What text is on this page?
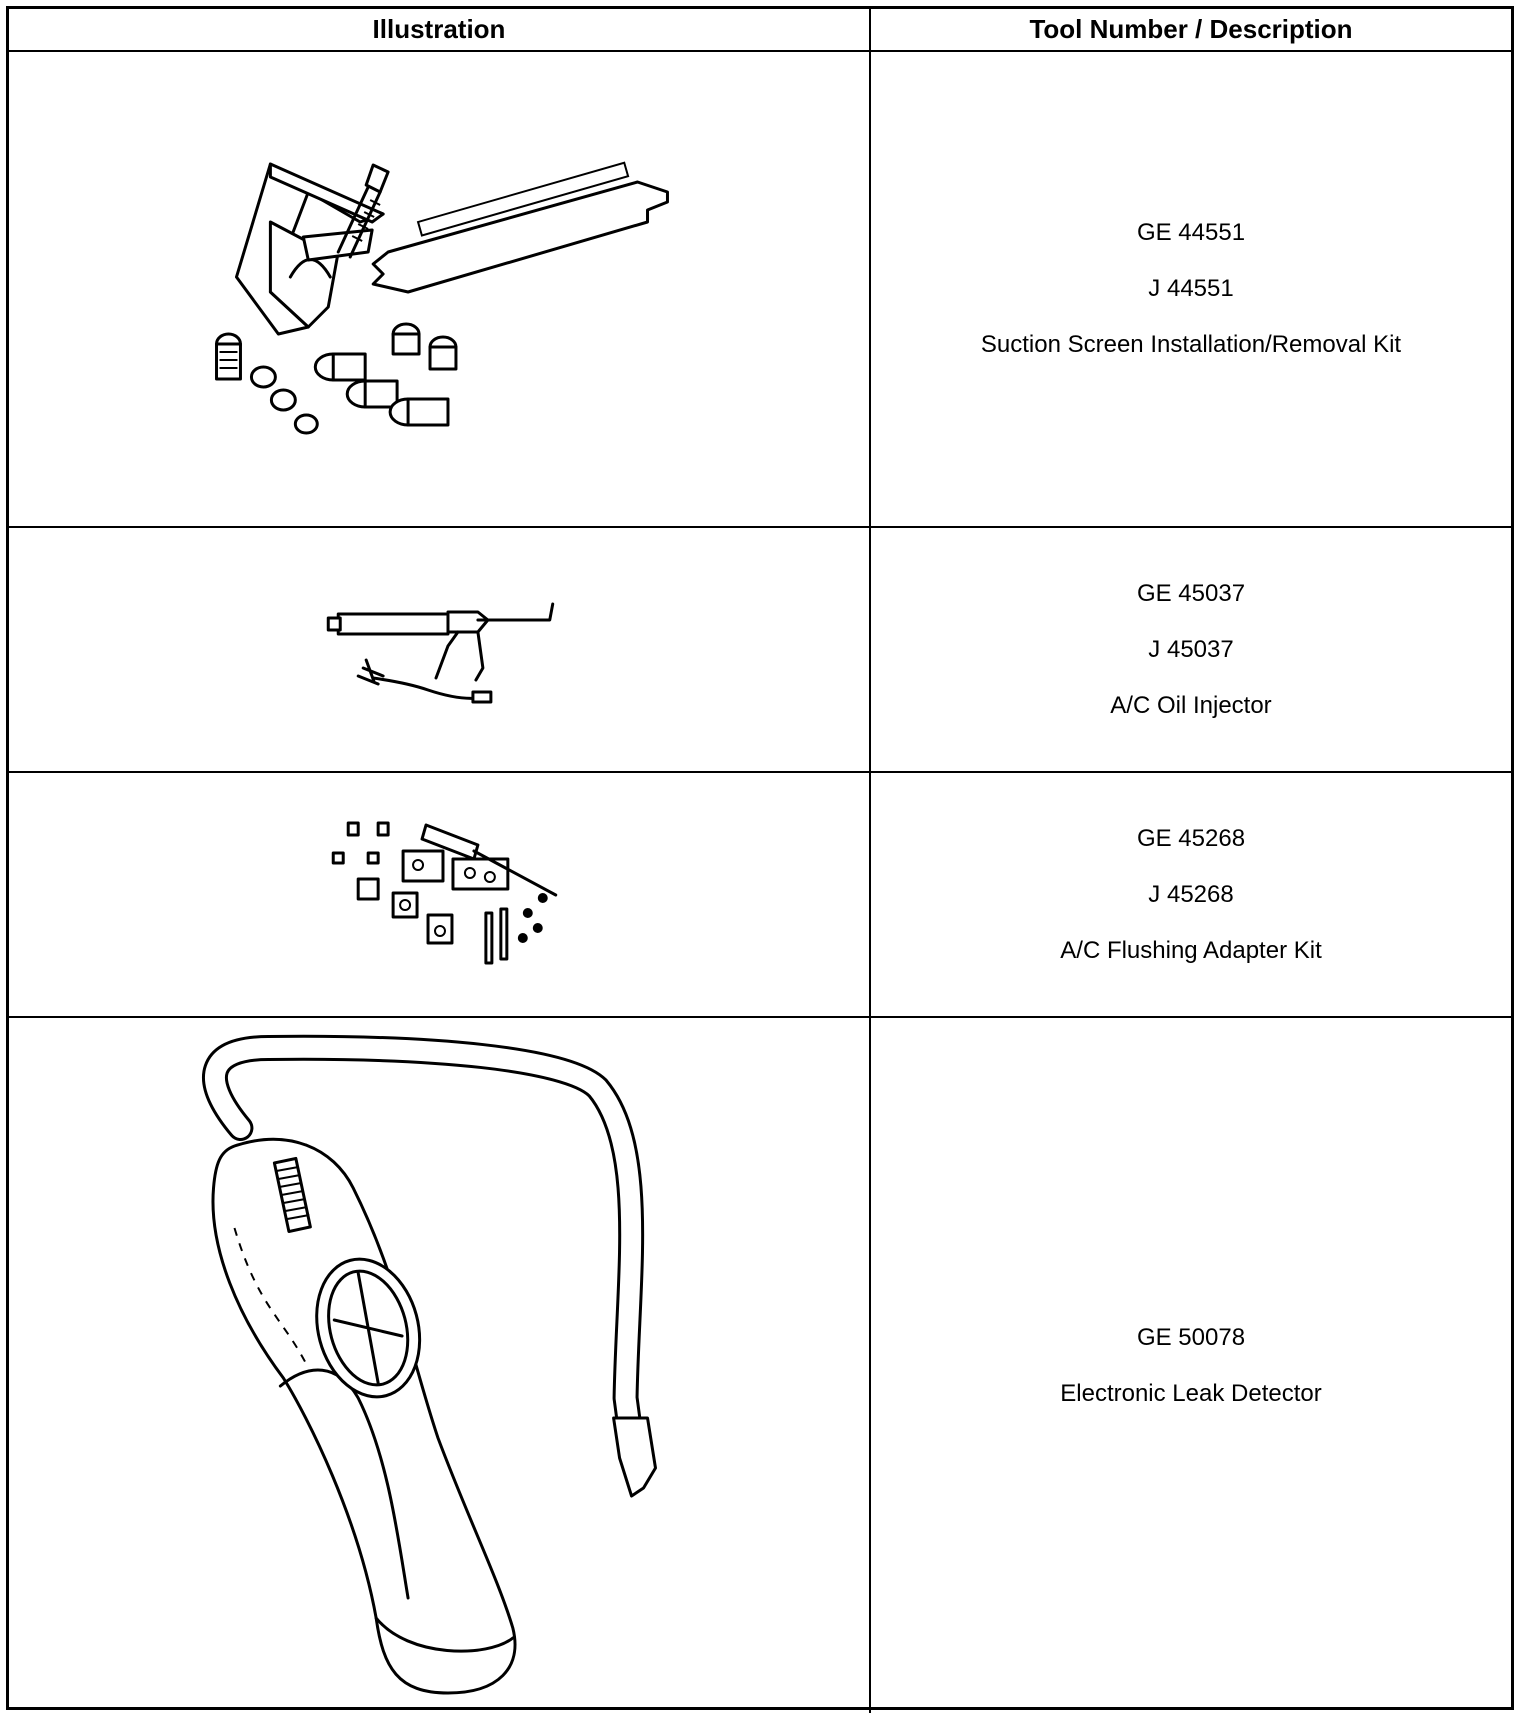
Illustration	Tool Number / Description
GE 44551
J 44551
Suction Screen Installation/Removal Kit
GE 45037
J 45037
A/C Oil Injector
GE 45268
J 45268
A/C Flushing Adapter Kit
GE 50078
Electronic Leak Detector
